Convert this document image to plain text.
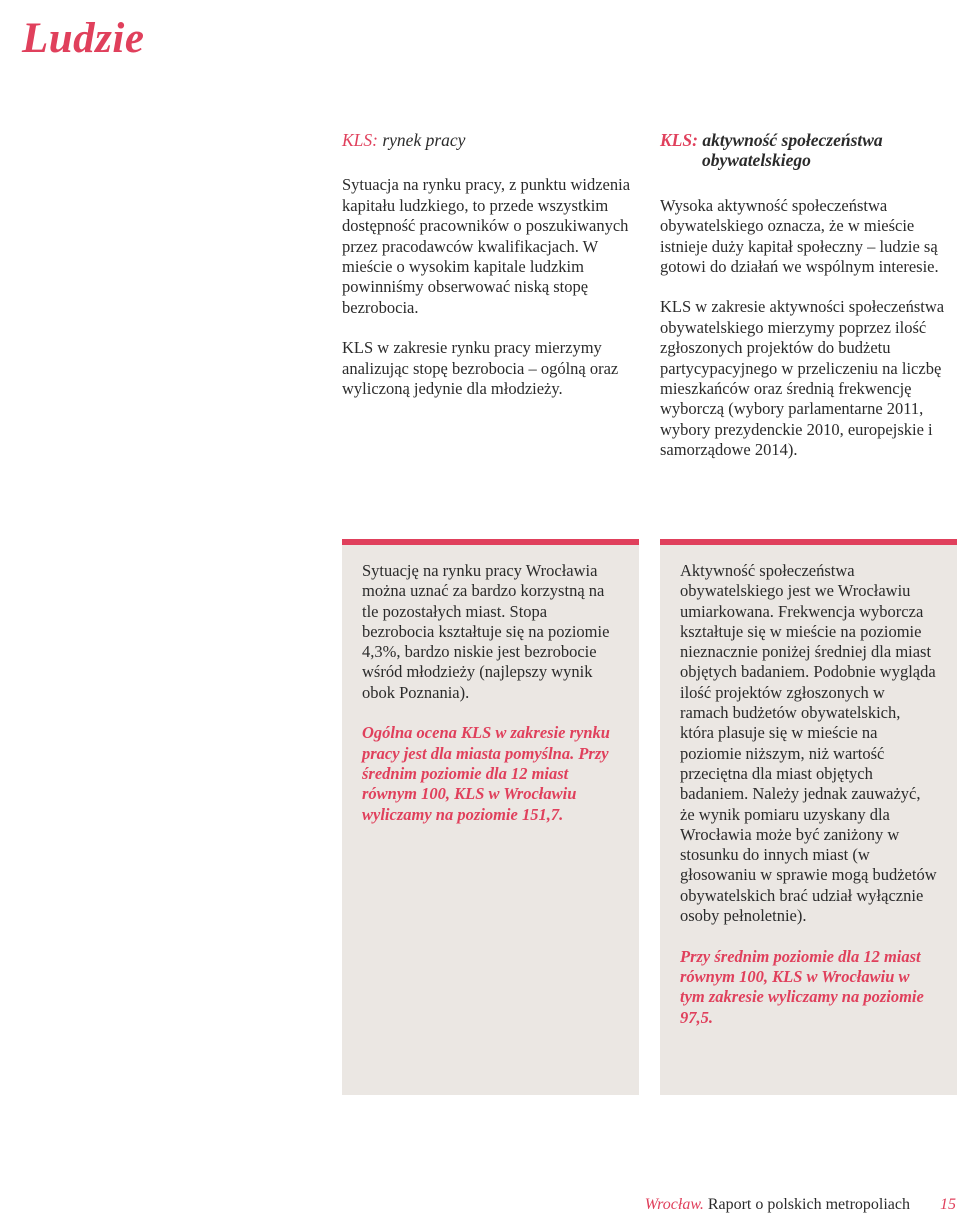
Ludzie
KLS: rynek pracy

Sytuacja na rynku pracy, z punktu widzenia kapitału ludzkiego, to przede wszystkim dostępność pracowników o poszukiwanych przez pracodawców kwalifikacjach. W mieście o wysokim kapitale ludzkim powinniśmy obserwować niską stopę bezrobocia.

KLS w zakresie rynku pracy mierzymy analizując stopę bezrobocia – ogólną oraz wyliczoną jedynie dla młodzieży.

KLS: aktywność społeczeństwa
obywatelskiego

Wysoka aktywność społeczeństwa obywatelskiego oznacza, że w mieście istnieje duży kapitał społeczny – ludzie są gotowi do działań we wspólnym interesie.

KLS w zakresie aktywności społeczeństwa obywatelskiego mierzymy poprzez ilość zgłoszonych projektów do budżetu partycypacyjnego w przeliczeniu na liczbę mieszkańców oraz średnią frekwencję wyborczą (wybory parlamentarne 2011, wybory prezydenckie 2010, europejskie i samorządowe 2014).

Sytuację na rynku pracy Wrocławia można uznać za bardzo korzystną na tle pozostałych miast. Stopa bezrobocia kształtuje się na poziomie 4,3%, bardzo niskie jest bezrobocie wśród młodzieży (najlepszy wynik obok Poznania).

Ogólna ocena KLS w zakresie rynku pracy jest dla miasta pomyślna. Przy średnim poziomie dla 12 miast równym 100, KLS w Wrocławiu wyliczamy na poziomie 151,7.

Aktywność społeczeństwa obywatelskiego jest we Wrocławiu umiarkowana. Frekwencja wyborcza kształtuje się w mieście na poziomie nieznacznie poniżej średniej dla miast objętych badaniem. Podobnie wygląda ilość projektów zgłoszonych w ramach budżetów obywatelskich, która plasuje się w mieście na poziomie niższym, niż wartość przeciętna dla miast objętych badaniem. Należy jednak zauważyć, że wynik pomiaru uzyskany dla Wrocławia może być zaniżony w stosunku do innych miast (w głosowaniu w sprawie mogą budżetów obywatelskich brać udział wyłącznie osoby pełnoletnie).

Przy średnim poziomie dla 12 miast równym 100, KLS w Wrocławiu w tym zakresie wyliczamy na poziomie 97,5.

Wrocław. Raport o polskich metropoliach 15
